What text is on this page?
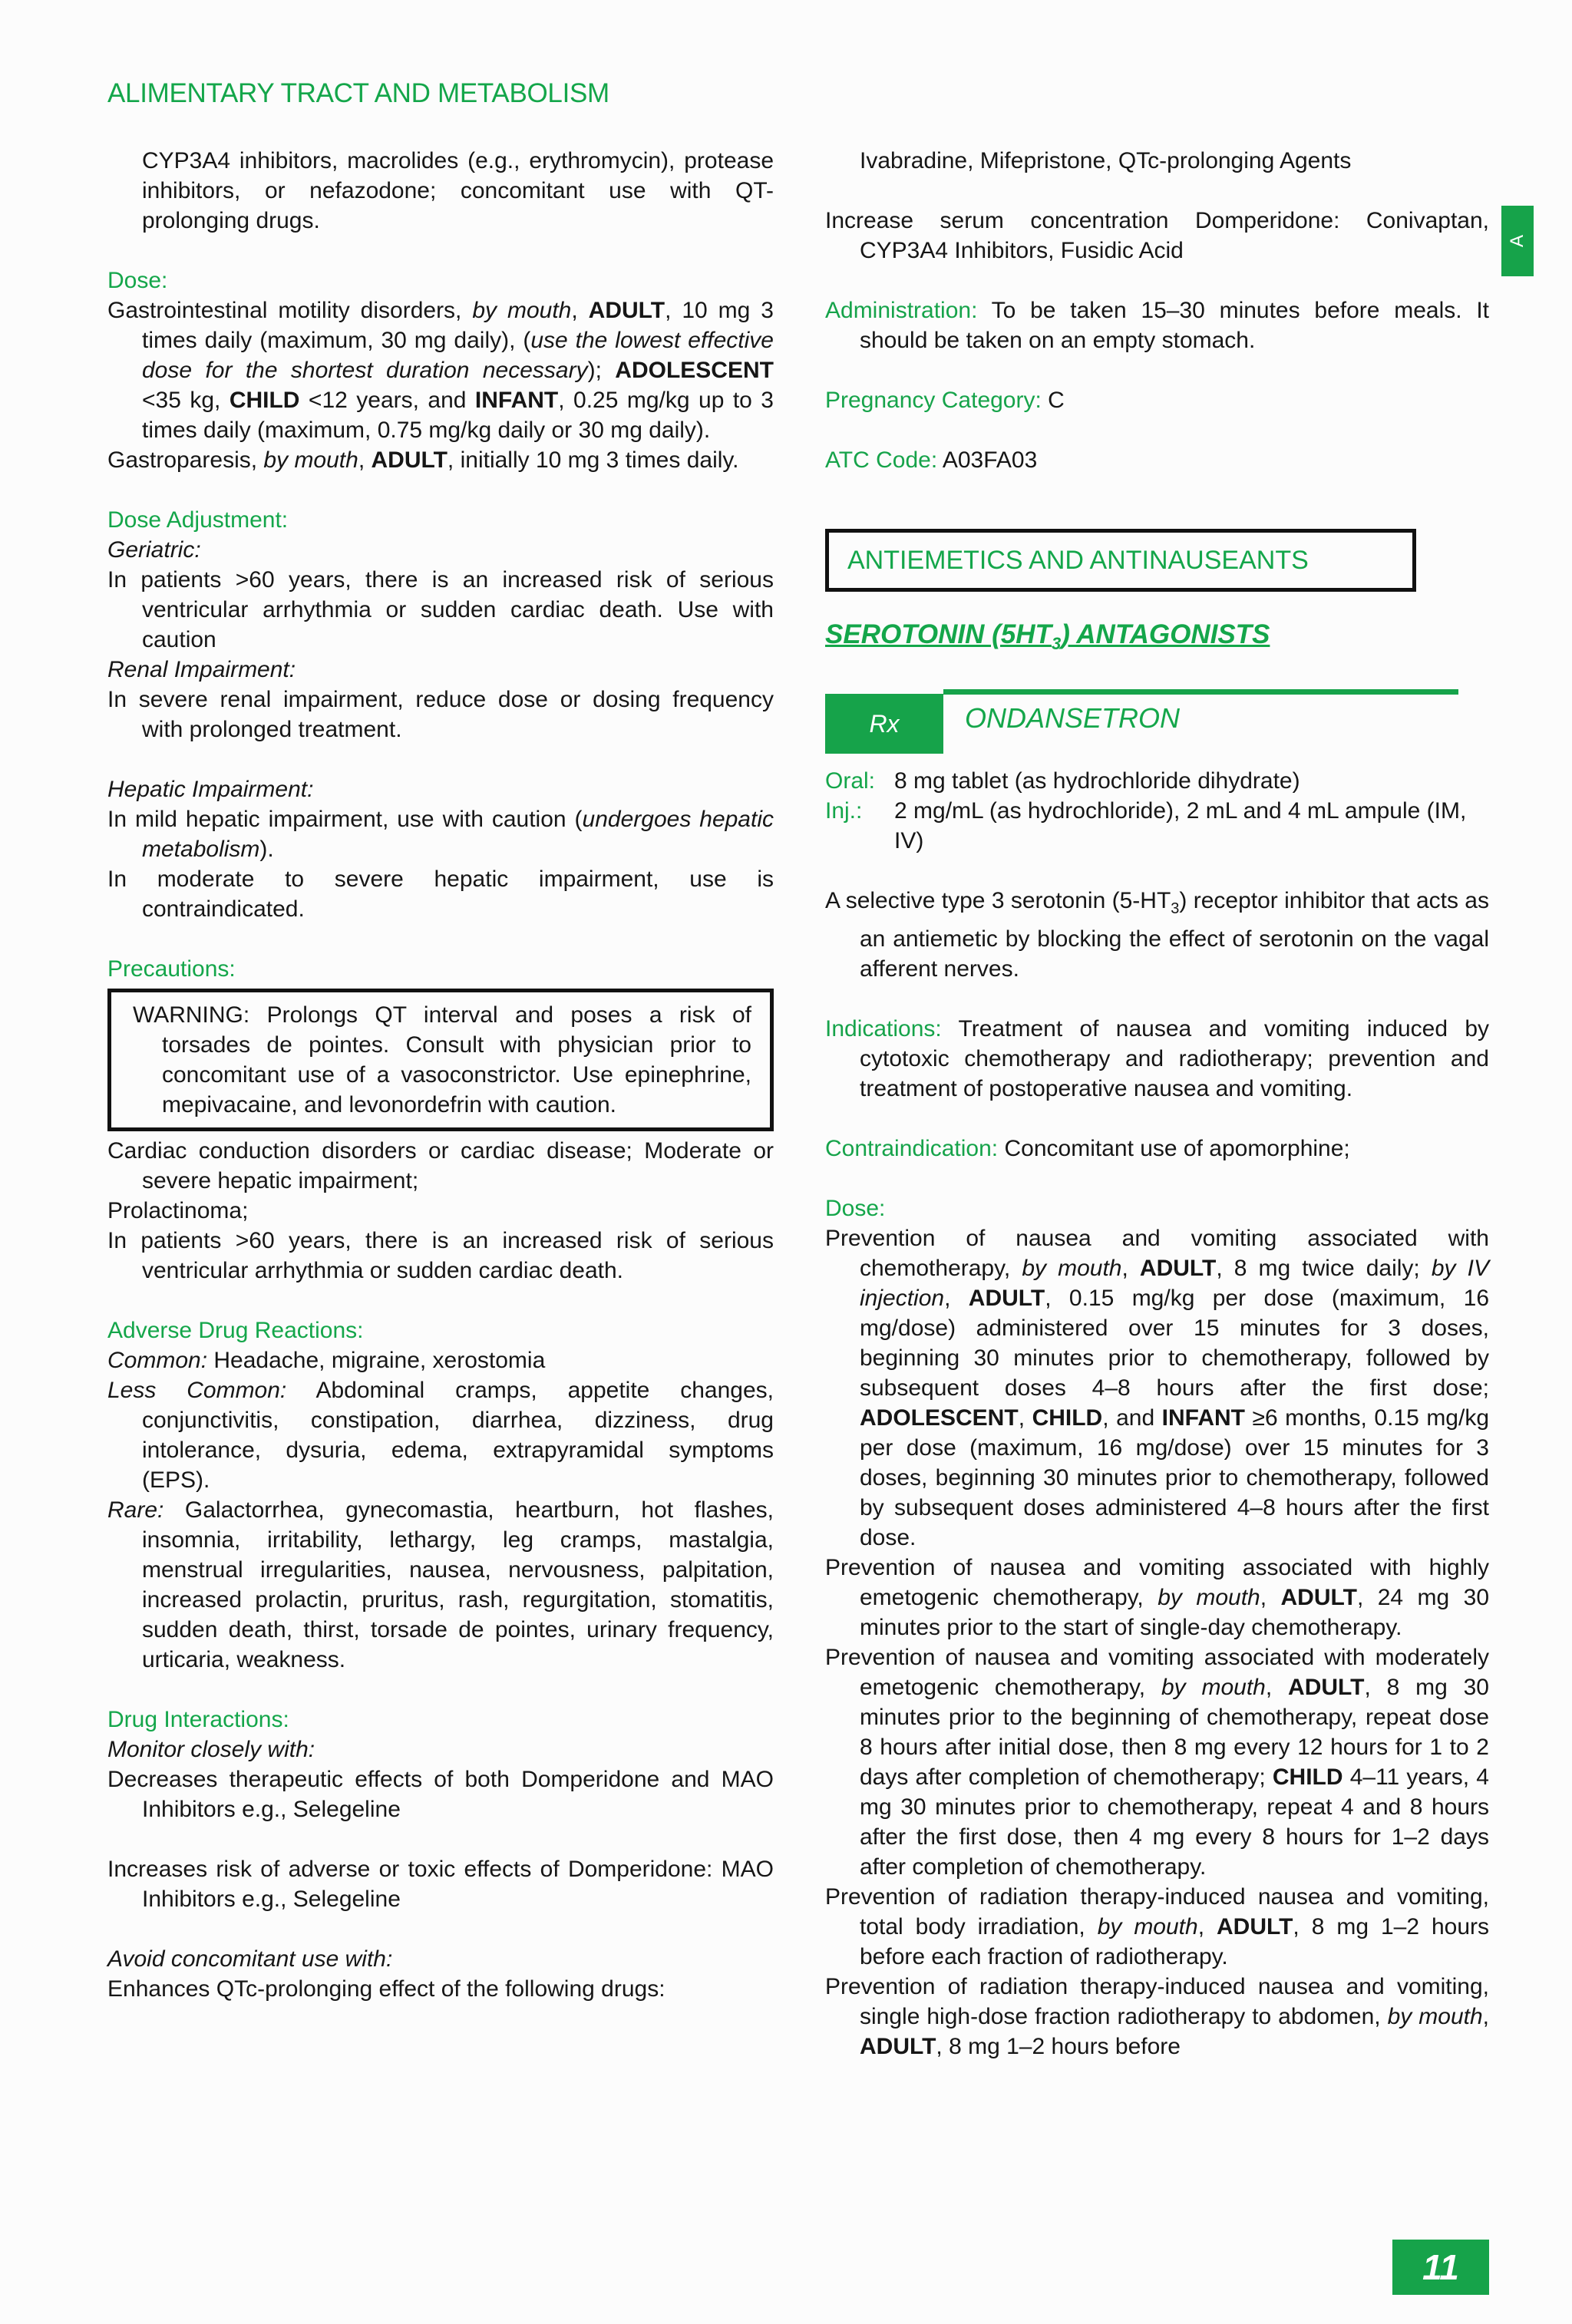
ALIMENTARY TRACT AND METABOLISM
A

CYP3A4 inhibitors, macrolides (e.g., erythromycin), protease inhibitors, or nefazodone; concomitant use with QT-prolonging drugs.

Dose:

Gastrointestinal motility disorders, by mouth, ADULT, 10 mg 3 times daily (maximum, 30 mg daily), (use the lowest effective dose for the shortest duration necessary); ADOLESCENT <35 kg, CHILD <12 years, and INFANT, 0.25 mg/kg up to 3 times daily (maximum, 0.75 mg/kg daily or 30 mg daily).

Gastroparesis, by mouth, ADULT, initially 10 mg 3 times daily.

Dose Adjustment:

Geriatric:

In patients >60 years, there is an increased risk of serious ventricular arrhythmia or sudden cardiac death. Use with caution

Renal Impairment:

In severe renal impairment, reduce dose or dosing frequency with prolonged treatment.

Hepatic Impairment:

In mild hepatic impairment, use with caution (undergoes hepatic metabolism).

In moderate to severe hepatic impairment, use is contraindicated.

Precautions:

WARNING: Prolongs QT interval and poses a risk of torsades de pointes. Consult with physician prior to concomitant use of a vasoconstrictor. Use epinephrine, mepivacaine, and levonordefrin with caution.

Cardiac conduction disorders or cardiac disease; Moderate or severe hepatic impairment;

Prolactinoma;

In patients >60 years, there is an increased risk of serious ventricular arrhythmia or sudden cardiac death.

Adverse Drug Reactions:

Common: Headache, migraine, xerostomia

Less Common: Abdominal cramps, appetite changes, conjunctivitis, constipation, diarrhea, dizziness, drug intolerance, dysuria, edema, extrapyramidal symptoms (EPS).

Rare: Galactorrhea, gynecomastia, heartburn, hot flashes, insomnia, irritability, lethargy, leg cramps, mastalgia, menstrual irregularities, nausea, nervousness, palpitation, increased prolactin, pruritus, rash, regurgitation, stomatitis, sudden death, thirst, torsade de pointes, urinary frequency, urticaria, weakness.

Drug Interactions:

Monitor closely with:

Decreases therapeutic effects of both Domperidone and MAO Inhibitors e.g., Selegeline

Increases risk of adverse or toxic effects of Domperidone: MAO Inhibitors e.g., Selegeline

Avoid concomitant use with:

Enhances QTc-prolonging effect of the following drugs:

Ivabradine, Mifepristone, QTc-prolonging Agents

Increase serum concentration Domperidone: Conivaptan, CYP3A4 Inhibitors, Fusidic Acid

Administration: To be taken 15–30 minutes before meals. It should be taken on an empty stomach.

Pregnancy Category: C

ATC Code: A03FA03

ANTIEMETICS AND ANTINAUSEANTS

SEROTONIN $(5HT_3)$ ANTAGONISTS

Rx	ONDANSETRON
Oral: 8 mg tablet (as hydrochloride dihydrate)
Inj.:	2 mg/mL (as hydrochloride), 2 mL and 4 mL ampule (IM, IV)

A selective type 3 serotonin $(5-HT_3)$ receptor inhibitor that acts as an antiemetic by blocking the effect of serotonin on the vagal afferent nerves.

Indications: Treatment of nausea and vomiting induced by cytotoxic chemotherapy and radiotherapy; prevention and treatment of postoperative nausea and vomiting.

Contraindication: Concomitant use of apomorphine;

Dose:

Prevention of nausea and vomiting associated with chemotherapy, by mouth, ADULT, 8 mg twice daily; by IV injection, ADULT, 0.15 mg/kg per dose (maximum, 16 mg/dose) administered over 15 minutes for 3 doses, beginning 30 minutes prior to chemotherapy, followed by subsequent doses 4–8 hours after the first dose; ADOLESCENT, CHILD, and INFANT ≥6 months, 0.15 mg/kg per dose (maximum, 16 mg/dose) over 15 minutes for 3 doses, beginning 30 minutes prior to chemotherapy, followed by subsequent doses administered 4–8 hours after the first dose.

Prevention of nausea and vomiting associated with highly emetogenic chemotherapy, by mouth, ADULT, 24 mg 30 minutes prior to the start of single-day chemotherapy.

Prevention of nausea and vomiting associated with moderately emetogenic chemotherapy, by mouth, ADULT, 8 mg 30 minutes prior to the beginning of chemotherapy, repeat dose 8 hours after initial dose, then 8 mg every 12 hours for 1 to 2 days after completion of chemotherapy; CHILD 4–11 years, 4 mg 30 minutes prior to chemotherapy, repeat 4 and 8 hours after the first dose, then 4 mg every 8 hours for 1–2 days after completion of chemotherapy.

Prevention of radiation therapy-induced nausea and vomiting, total body irradiation, by mouth, ADULT, 8 mg 1–2 hours before each fraction of radiotherapy.

Prevention of radiation therapy-induced nausea and vomiting, single high-dose fraction radiotherapy to abdomen, by mouth, ADULT, 8 mg 1–2 hours before

11
